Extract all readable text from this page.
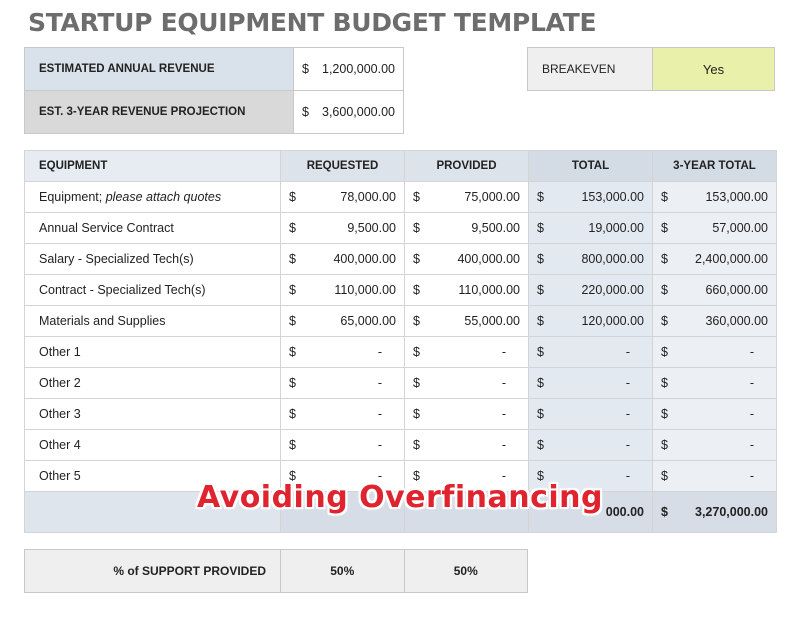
STARTUP EQUIPMENT BUDGET TEMPLATE
ESTIMATED ANNUAL REVENUE	$ 1,200,000.00

EST. 3-YEAR REVENUE PROJECTION	$ 3,600,000.00
BREAKEVEN	Yes
EQUIPMENT	REQUESTED	PROVIDED	TOTAL	3-YEAR TOTAL
Equipment; please attach quotes	$ 78,000.00	$ 75,000.00	$ 153,000.00	$ 153,000.00

Annual Service Contract	$ 9,500.00	$ 9,500.00	$ 19,000.00	$ 57,000.00

Salary - Specialized Tech(s)	$ 400,000.00	$ 400,000.00	$ 800,000.00	$ 2,400,000.00

Contract - Specialized Tech(s)	$ 110,000.00	$ 110,000.00	$ 220,000.00	$ 660,000.00

Materials and Supplies	$ 65,000.00	$ 55,000.00	$ 120,000.00	$ 360,000.00

Other 1	$ -	$ -	$ -	$ -

Other 2	$ -	$ -	$ -	$ -

Other 3	$ -	$ -	$ -	$ -

Other 4	$ -	$ -	$ -	$ -

Other 5	$ -	$ -	$ -	$ -

			000.00	$ 3,270,000.00
% of SUPPORT PROVIDED	50%	50%
Avoiding Overfinancing
